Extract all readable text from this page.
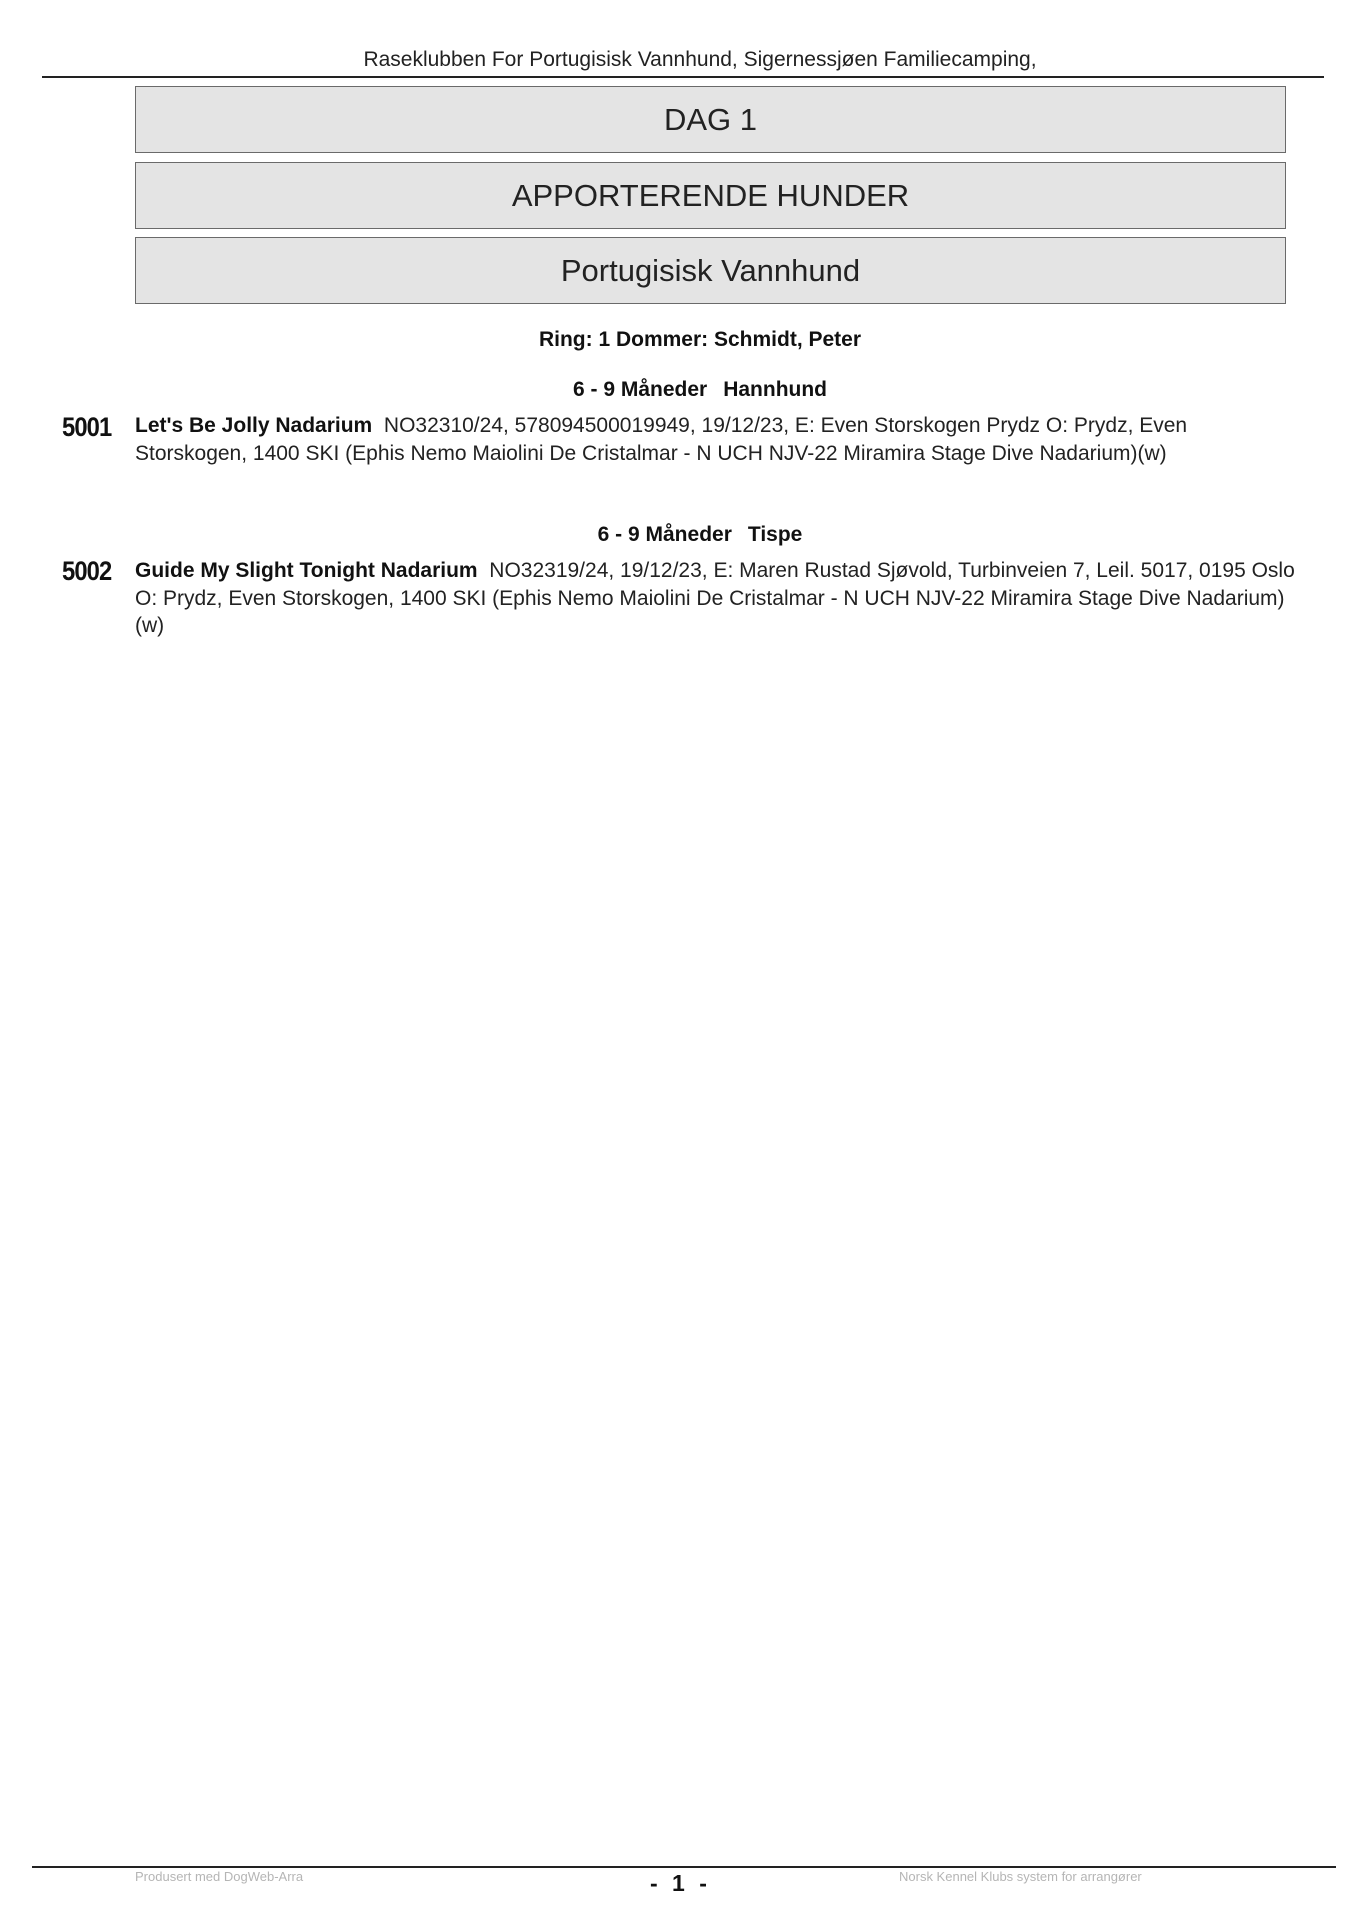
Raseklubben For Portugisisk Vannhund, Sigernessjøen Familiecamping,
DAG 1
APPORTERENDE HUNDER
Portugisisk Vannhund
Ring: 1 Dommer: Schmidt, Peter
6 - 9 Måneder Hannhund
5001 Let's Be Jolly Nadarium NO32310/24, 578094500019949, 19/12/23, E: Even Storskogen Prydz O: Prydz, Even Storskogen, 1400 SKI (Ephis Nemo Maiolini De Cristalmar - N UCH NJV-22 Miramira Stage Dive Nadarium)(w)
6 - 9 Måneder Tispe
5002 Guide My Slight Tonight Nadarium NO32319/24, 19/12/23, E: Maren Rustad Sjøvold, Turbinveien 7, Leil. 5017, 0195 Oslo O: Prydz, Even Storskogen, 1400 SKI (Ephis Nemo Maiolini De Cristalmar - N UCH NJV-22 Miramira Stage Dive Nadarium)(w)
Produsert med DogWeb-Arra	- 1 -	Norsk Kennel Klubs system for arrangører
